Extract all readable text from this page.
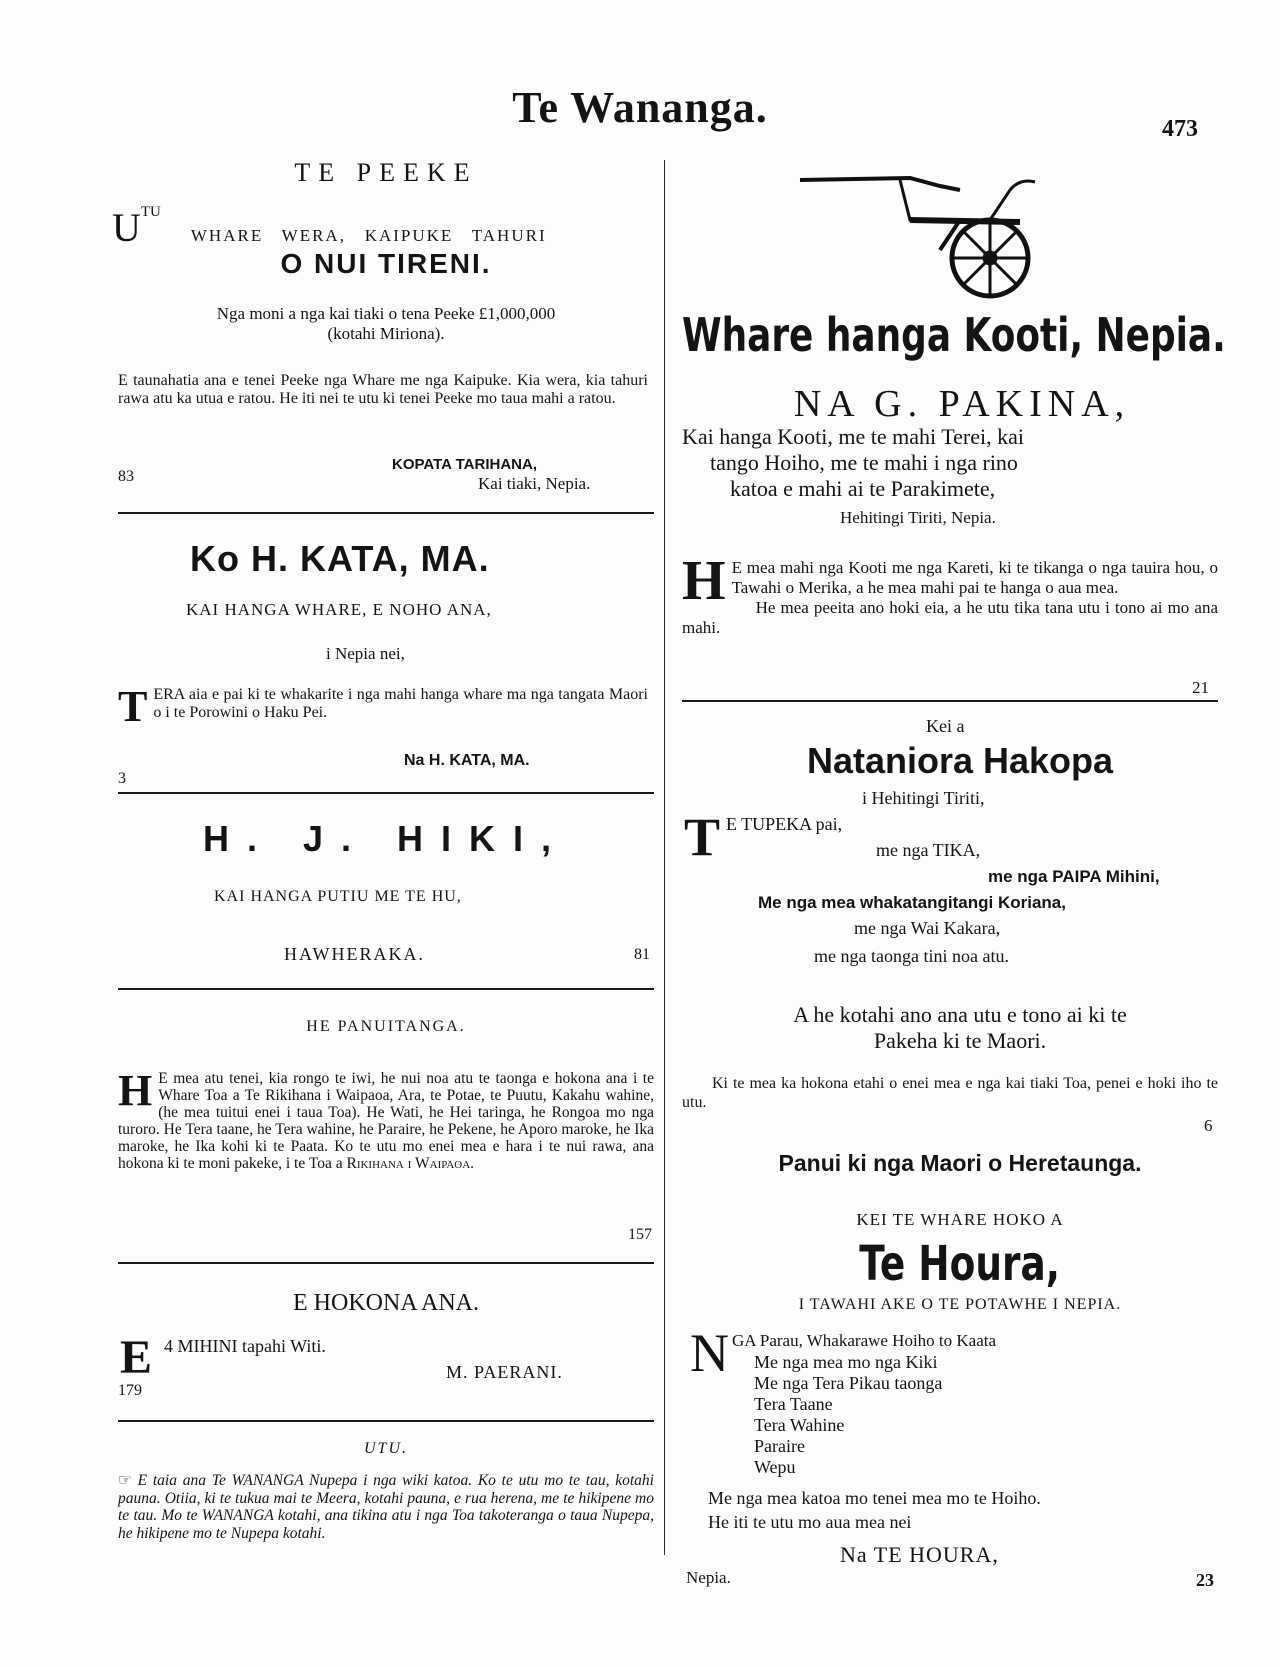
Te Wananga.	473
TE PEEKE
UTU WHARE   WERA,   KAIPUKE   TAHURI
O NUI TIRENI.
Nga moni a nga kai tiaki o tena Peeke £1,000,000
(kotahi Miriona).
E taunahatia ana e tenei Peeke nga Whare me nga Kaipuke. Kia wera, kia tahuri rawa atu ka utua e ratou. He iti nei te utu ki tenei Peeke mo taua mahi a ratou.
KOPATA TARIHANA,
Kai tiaki, Nepia.
83
Ko H. KATA, MA.
KAI HANGA WHARE, E NOHO ANA,
i Nepia nei,
TERA aia e pai ki te whakarite i nga mahi hanga whare ma nga tangata Maori o i te Porowini o Haku Pei.
Na H. KATA, MA.
3
H. J. HIKI,
KAI HANGA PUTIU ME TE HU,
HAWHERAKA.	81
HE PANUITANGA.
H E mea atu tenei, kia rongo te iwi, he nui noa atu te taonga e hokona ana i te Whare Toa a Te Rikihana i Waipaoa, Ara, te Potae, te Puutu, Kakahu wahine, (he mea tuitui enei i taua Toa). He Wati, he Hei taringa, he Rongoa mo nga turoro. He Tera taane, he Tera wahine, he Paraire, he Pekene, he Aporo maroke, he Ika maroke, he Ika kohi ki te Paata. Ko te utu mo enei mea e hara i te nui rawa, ana hokona ki te moni pakeke, i te Toa a Rikihana i Waipaoa.
157
E HOKONA ANA.
E 4 MIHINI tapahi Witi.
M. PAERANI.
179
UTU.
☞ E taia ana Te WANANGA Nupepa i nga wiki katoa. Ko te utu mo te tau, kotahi pauna. Otiia, ki te tukua mai te Meera, kotahi pauna, e rua herena, me te hikipene mo te tau. Mo te WANANGA kotahi, ana tikina atu i nga Toa takoteranga o taua Nupepa, he hikipene mo te Nupepa kotahi.
Whare hanga Kooti, Nepia.
NA G. PAKINA,
Kai hanga Kooti, me te mahi Terei, kai
tango Hoiho, me te mahi i nga rino
katoa e mahi ai te Parakimete,
Hehitingi Tiriti, Nepia.
H E mea mahi nga Kooti me nga Kareti, ki te tikanga o nga tauira hou, o Tawahi o Merika, a he mea mahi pai te hanga o aua mea.
He mea peeita ano hoki eia, a he utu tika tana utu i tono ai mo ana mahi.
21
Kei a
Nataniora Hakopa
i Hehitingi Tiriti,
T E TUPEKA pai,
me nga TIKA,
me nga PAIPA Mihini,
Me nga mea whakatangitangi Koriana,
me nga Wai Kakara,
me nga taonga tini noa atu.
A he kotahi ano ana utu e tono ai ki te
Pakeha ki te Maori.
Ki te mea ka hokona etahi o enei mea e nga kai tiaki Toa, penei e hoki iho te utu.
6
Panui ki nga Maori o Heretaunga.
KEI TE WHARE HOKO A
Te Houra,
I TAWAHI AKE O TE POTAWHE I NEPIA.
N GA Parau, Whakarawe Hoiho to Kaata
Me nga mea mo nga Kiki
Me nga Tera Pikau taonga
Tera Taane
Tera Wahine
Paraire
Wepu
Me nga mea katoa mo tenei mea mo te Hoiho.
He iti te utu mo aua mea nei
Na TE HOURA,
Nepia.	23
